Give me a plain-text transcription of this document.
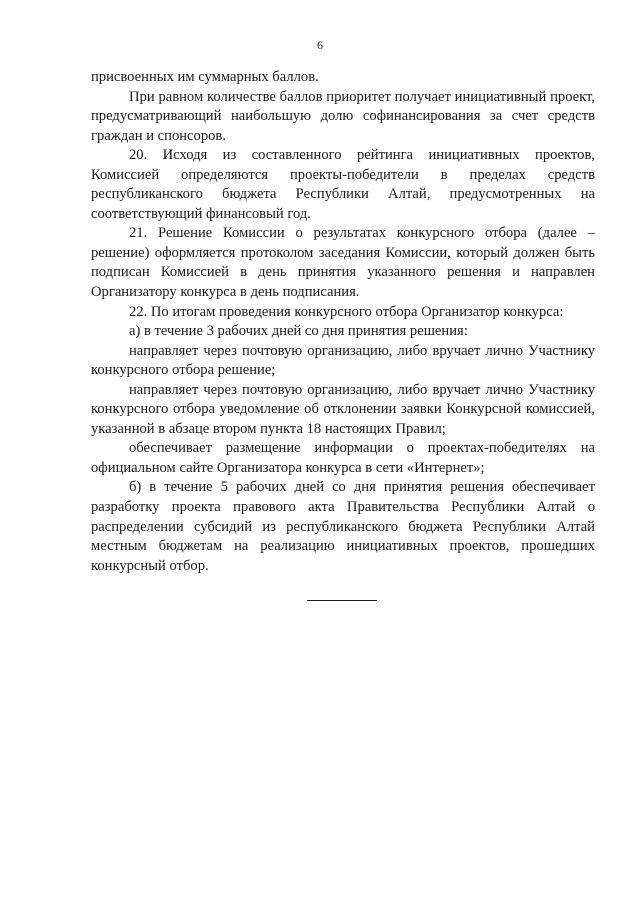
6

присвоенных им суммарных баллов.

При равном количестве баллов приоритет получает инициативный проект, предусматривающий наибольшую долю софинансирования за счет средств граждан и спонсоров.

20. Исходя из составленного рейтинга инициативных проектов, Комиссией определяются проекты-победители в пределах средств республиканского бюджета Республики Алтай, предусмотренных на соответствующий финансовый год.

21. Решение Комиссии о результатах конкурсного отбора (далее – решение) оформляется протоколом заседания Комиссии, который должен быть подписан Комиссией в день принятия указанного решения и направлен Организатору конкурса в день подписания.

22. По итогам проведения конкурсного отбора Организатор конкурса:

а) в течение 3 рабочих дней со дня принятия решения:

направляет через почтовую организацию, либо вручает лично Участнику конкурсного отбора решение;

направляет через почтовую организацию, либо вручает лично Участнику конкурсного отбора уведомление об отклонении заявки Конкурсной комиссией, указанной в абзаце втором пункта 18 настоящих Правил;

обеспечивает размещение информации о проектах-победителях на официальном сайте Организатора конкурса в сети «Интернет»;

б) в течение 5 рабочих дней со дня принятия решения обеспечивает разработку проекта правового акта Правительства Республики Алтай о распределении субсидий из республиканского бюджета Республики Алтай местным бюджетам на реализацию инициативных проектов, прошедших конкурсный отбор.
